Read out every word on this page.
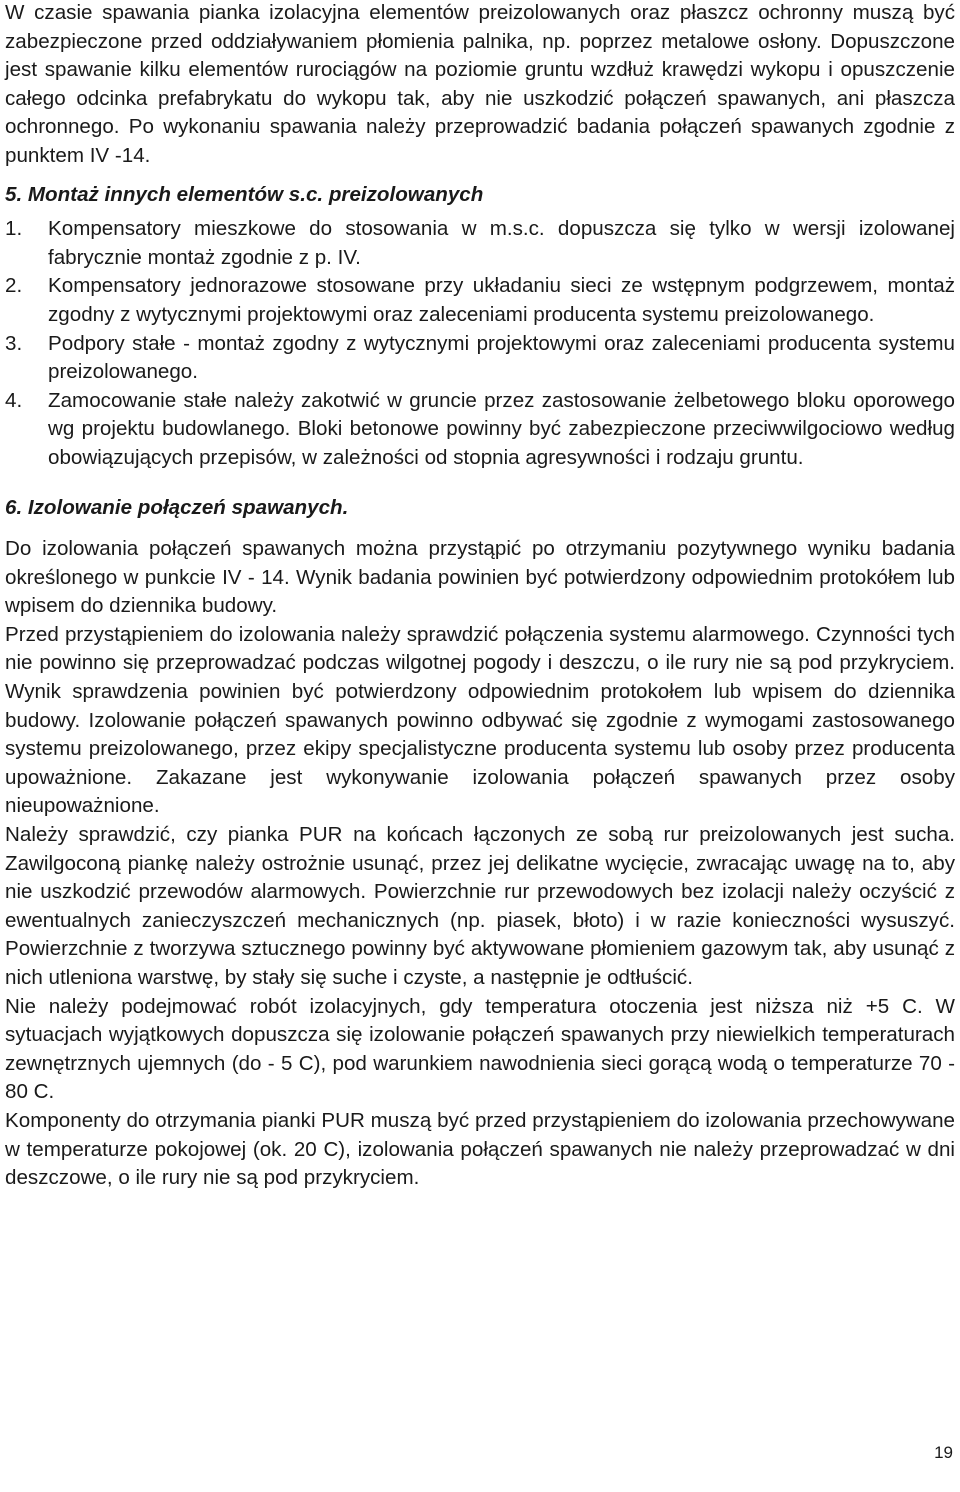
W czasie spawania pianka izolacyjna elementów preizolowanych oraz płaszcz ochronny muszą być zabezpieczone przed oddziaływaniem płomienia palnika, np. poprzez metalowe osłony. Dopuszczone jest spawanie kilku elementów rurociągów na poziomie gruntu wzdłuż krawędzi wykopu i opuszczenie całego odcinka prefabrykatu do wykopu tak, aby nie uszkodzić połączeń spawanych, ani płaszcza ochronnego. Po wykonaniu spawania należy przeprowadzić badania połączeń spawanych zgodnie z punktem IV -14.

5. Montaż innych elementów s.c. preizolowanych

1. Kompensatory mieszkowe do stosowania w m.s.c. dopuszcza się tylko w wersji izolowanej fabrycznie montaż zgodnie z p. IV.
2. Kompensatory jednorazowe stosowane przy układaniu sieci ze wstępnym podgrzewem, montaż zgodny z wytycznymi projektowymi oraz zaleceniami producenta systemu preizolowanego.
3. Podpory stałe - montaż zgodny z wytycznymi projektowymi oraz zaleceniami producenta systemu preizolowanego.
4. Zamocowanie stałe należy zakotwić w gruncie przez zastosowanie żelbetowego bloku oporowego wg projektu budowlanego. Bloki betonowe powinny być zabezpieczone przeciwwilgociowo według obowiązujących przepisów, w zależności od stopnia agresywności i rodzaju gruntu.

6. Izolowanie połączeń spawanych.

Do izolowania połączeń spawanych można przystąpić po otrzymaniu pozytywnego wyniku badania określonego w punkcie IV - 14. Wynik badania powinien być potwierdzony odpowiednim protokółem lub wpisem do dziennika budowy.

Przed przystąpieniem do izolowania należy sprawdzić połączenia systemu alarmowego. Czynności tych nie powinno się przeprowadzać podczas wilgotnej pogody i deszczu, o ile rury nie są pod przykryciem. Wynik sprawdzenia powinien być potwierdzony odpowiednim protokołem lub wpisem do dziennika budowy. Izolowanie połączeń spawanych powinno odbywać się zgodnie z wymogami zastosowanego systemu preizolowanego, przez ekipy specjalistyczne producenta systemu lub osoby przez producenta upoważnione. Zakazane jest wykonywanie izolowania połączeń spawanych przez osoby nieupoważnione.

Należy sprawdzić, czy pianka PUR na końcach łączonych ze sobą rur preizolowanych jest sucha. Zawilgoconą piankę należy ostrożnie usunąć, przez jej delikatne wycięcie, zwracając uwagę na to, aby nie uszkodzić przewodów alarmowych. Powierzchnie rur przewodowych bez izolacji należy oczyścić z ewentualnych zanieczyszczeń mechanicznych (np. piasek, błoto) i w razie konieczności wysuszyć. Powierzchnie z tworzywa sztucznego powinny być aktywowane płomieniem gazowym tak, aby usunąć z nich utleniona warstwę, by stały się suche i czyste, a następnie je odtłuścić.

Nie należy podejmować robót izolacyjnych, gdy temperatura otoczenia jest niższa niż +5 C. W sytuacjach wyjątkowych dopuszcza się izolowanie połączeń spawanych przy niewielkich temperaturach zewnętrznych ujemnych (do - 5 C), pod warunkiem nawodnienia sieci gorącą wodą o temperaturze 70 - 80 C.

Komponenty do otrzymania pianki PUR muszą być przed przystąpieniem do izolowania przechowywane w temperaturze pokojowej (ok. 20 C), izolowania połączeń spawanych nie należy przeprowadzać w dni deszczowe, o ile rury nie są pod przykryciem.

19
